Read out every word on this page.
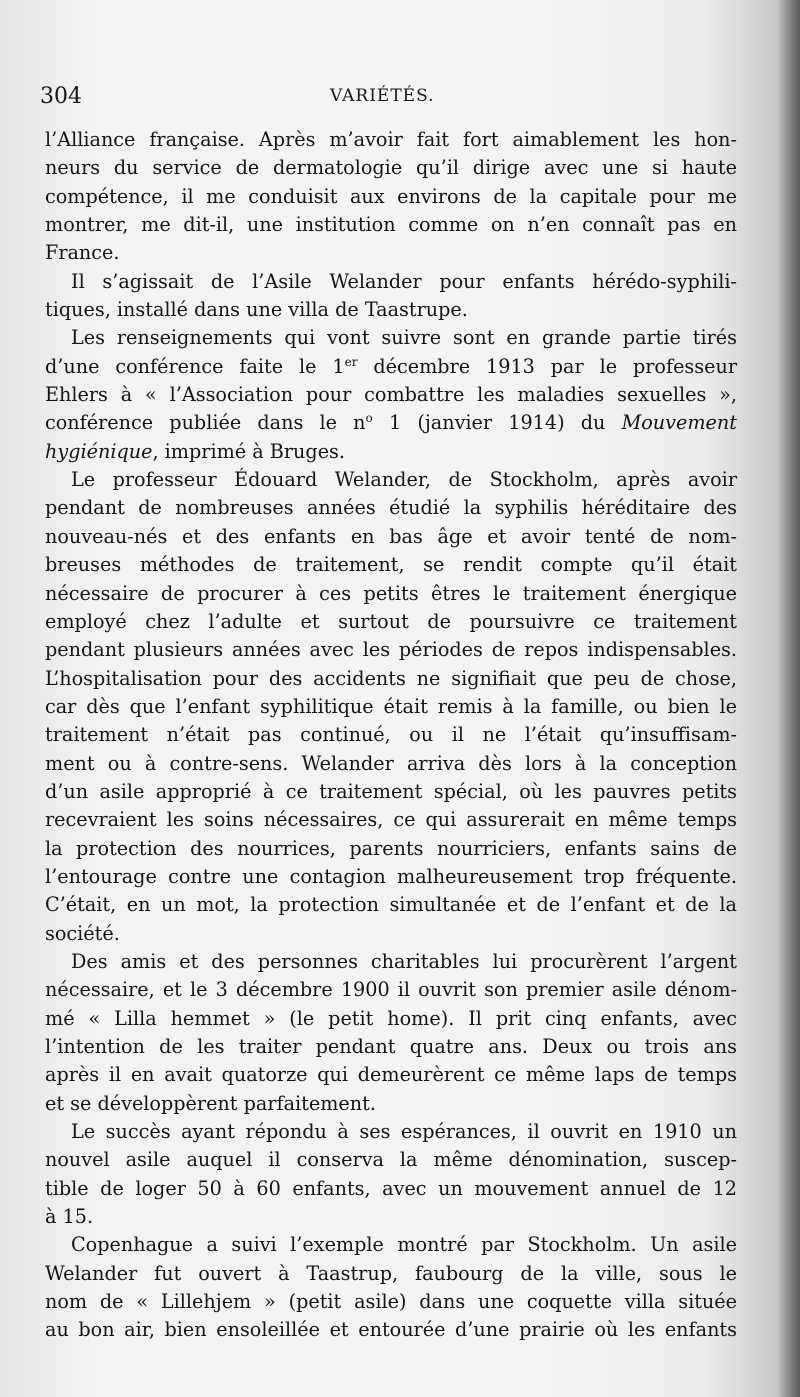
304	VARIÉTÉS.
l’Alliance française. Après m’avoir fait fort aimablement les hon-
neurs du service de dermatologie qu’il dirige avec une si haute
compétence, il me conduisit aux environs de la capitale pour me
montrer, me dit-il, une institution comme on n’en connaît pas en
France.
Il s’agissait de l’Asile Welander pour enfants hérédo-syphili-
tiques, installé dans une villa de Taastrupe.
Les renseignements qui vont suivre sont en grande partie tirés
d’une conférence faite le 1er décembre 1913 par le professeur
Ehlers à « l’Association pour combattre les maladies sexuelles »,
conférence publiée dans le $n^o$ 1 (janvier 1914) du Mouvement
hygiénique, imprimé à Bruges.
Le professeur Édouard Welander, de Stockholm, après avoir
pendant de nombreuses années étudié la syphilis héréditaire des
nouveau-nés et des enfants en bas âge et avoir tenté de nom-
breuses méthodes de traitement, se rendit compte qu’il était
nécessaire de procurer à ces petits êtres le traitement énergique
employé chez l’adulte et surtout de poursuivre ce traitement
pendant plusieurs années avec les périodes de repos indispensables.
L’hospitalisation pour des accidents ne signifiait que peu de chose,
car dès que l’enfant syphilitique était remis à la famille, ou bien le
traitement n’était pas continué, ou il ne l’était qu’insuffisam-
ment ou à contre-sens. Welander arriva dès lors à la conception
d’un asile approprié à ce traitement spécial, où les pauvres petits
recevraient les soins nécessaires, ce qui assurerait en même temps
la protection des nourrices, parents nourriciers, enfants sains de
l’entourage contre une contagion malheureusement trop fréquente.
C’était, en un mot, la protection simultanée et de l’enfant et de la
société.
Des amis et des personnes charitables lui procurèrent l’argent
nécessaire, et le 3 décembre 1900 il ouvrit son premier asile dénom-
mé « Lilla hemmet » (le petit home). Il prit cinq enfants, avec
l’intention de les traiter pendant quatre ans. Deux ou trois ans
après il en avait quatorze qui demeurèrent ce même laps de temps
et se développèrent parfaitement.
Le succès ayant répondu à ses espérances, il ouvrit en 1910 un
nouvel asile auquel il conserva la même dénomination, suscep-
tible de loger 50 à 60 enfants, avec un mouvement annuel de 12
à 15.
Copenhague a suivi l’exemple montré par Stockholm. Un asile
Welander fut ouvert à Taastrup, faubourg de la ville, sous le
nom de « Lillehjem » (petit asile) dans une coquette villa située
au bon air, bien ensoleillée et entourée d’une prairie où les enfants
